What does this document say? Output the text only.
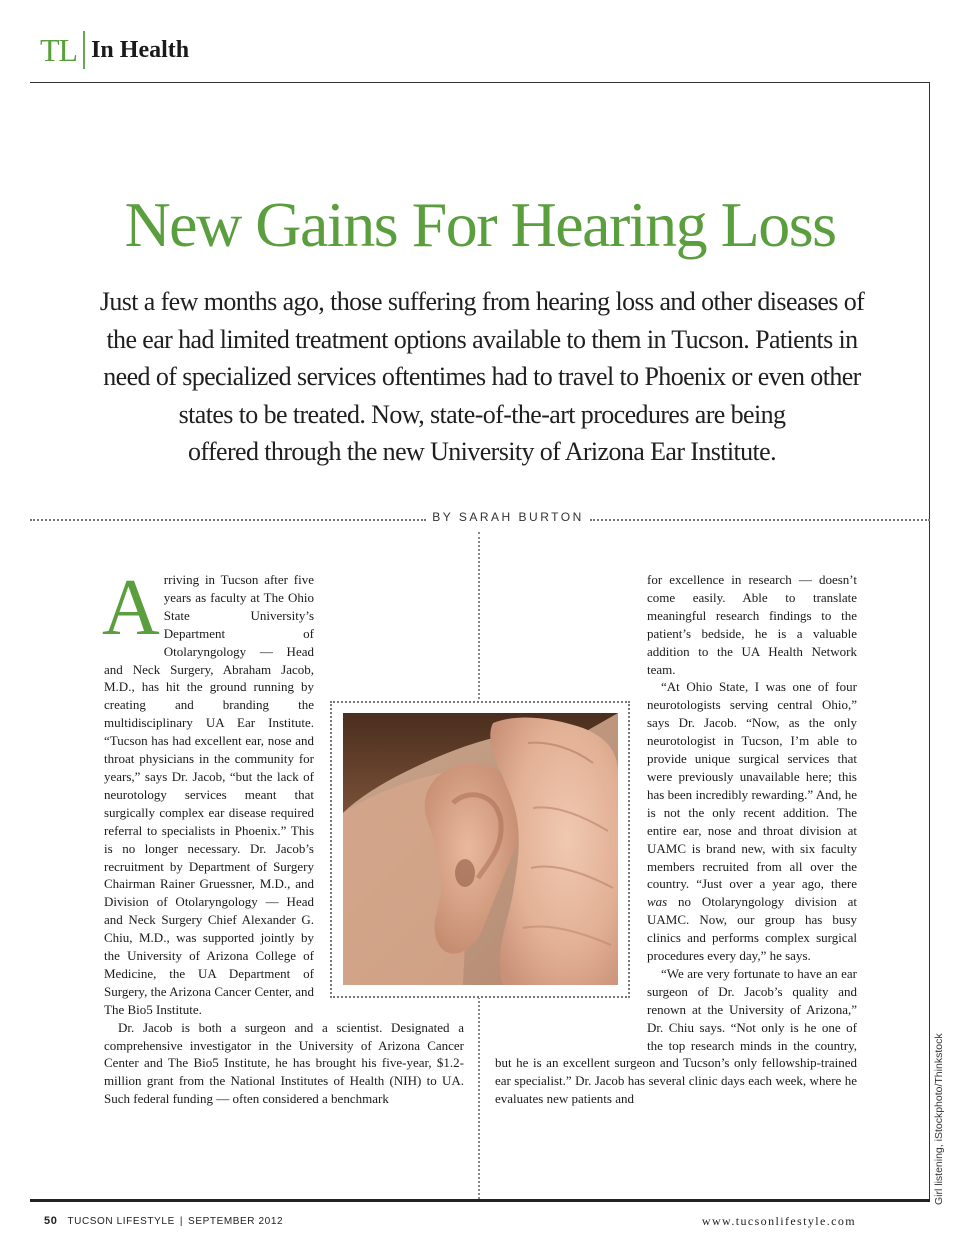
TL In Health
New Gains For Hearing Loss

Just a few months ago, those suffering from hearing loss and other diseases of
the ear had limited treatment options available to them in Tucson. Patients in
need of specialized services oftentimes had to travel to Phoenix or even other
states to be treated. Now, state-of-the-art procedures are being
offered through the new University of Arizona Ear Institute.

BY SARAH BURTON
A rriving in Tucson after five years as faculty at The Ohio State University’s Department of Otolaryngology — Head and Neck Surgery, Abraham Jacob, M.D., has hit the ground running by creating and branding the multidisciplinary UA Ear Institute. “Tucson has had excellent ear, nose and throat physicians in the community for years,” says Dr. Jacob, “but the lack of neurotology services meant that surgically complex ear disease required referral to specialists in Phoenix.” This is no longer necessary. Dr. Jacob’s recruitment by Department of Surgery Chairman Rainer Gruessner, M.D., and Division of Otolaryngology — Head and Neck Surgery Chief Alexander G. Chiu, M.D., was supported jointly by the University of Arizona College of Medicine, the UA Department of Surgery, the Arizona Cancer Center, and The Bio5 Institute.

Dr. Jacob is both a surgeon and a scientist. Designated a comprehensive investigator in the University of Arizona Cancer Center and The Bio5 Institute, he has brought his five-year, $1.2-million grant from the National Institutes of Health (NIH) to UA. Such federal funding — often considered a benchmark

for excellence in research — doesn’t come easily. Able to translate meaningful research findings to the patient’s bedside, he is a valuable addition to the UA Health Network team.

“At Ohio State, I was one of four neurotologists serving central Ohio,” says Dr. Jacob. “Now, as the only neurotologist in Tucson, I’m able to provide unique surgical services that were previously unavailable here; this has been incredibly rewarding.” And, he is not the only recent addition. The entire ear, nose and throat division at UAMC is brand new, with six faculty members recruited from all over the country. “Just over a year ago, there was no Otolaryngology division at UAMC. Now, our group has busy clinics and performs complex surgical procedures every day,” he says.

“We are very fortunate to have an ear surgeon of Dr. Jacob’s quality and renown at the University of Arizona,” Dr. Chiu says. “Not only is he one of the top research minds in the country, but he is an excellent surgeon and Tucson’s only fellowship-trained ear specialist.” Dr. Jacob has several clinic days each week, where he evaluates new patients and	Girl listening, iStockphoto/Thinkstock
50 TUCSON LIFESTYLE | SEPTEMBER 2012	www.tucsonlifestyle.com
